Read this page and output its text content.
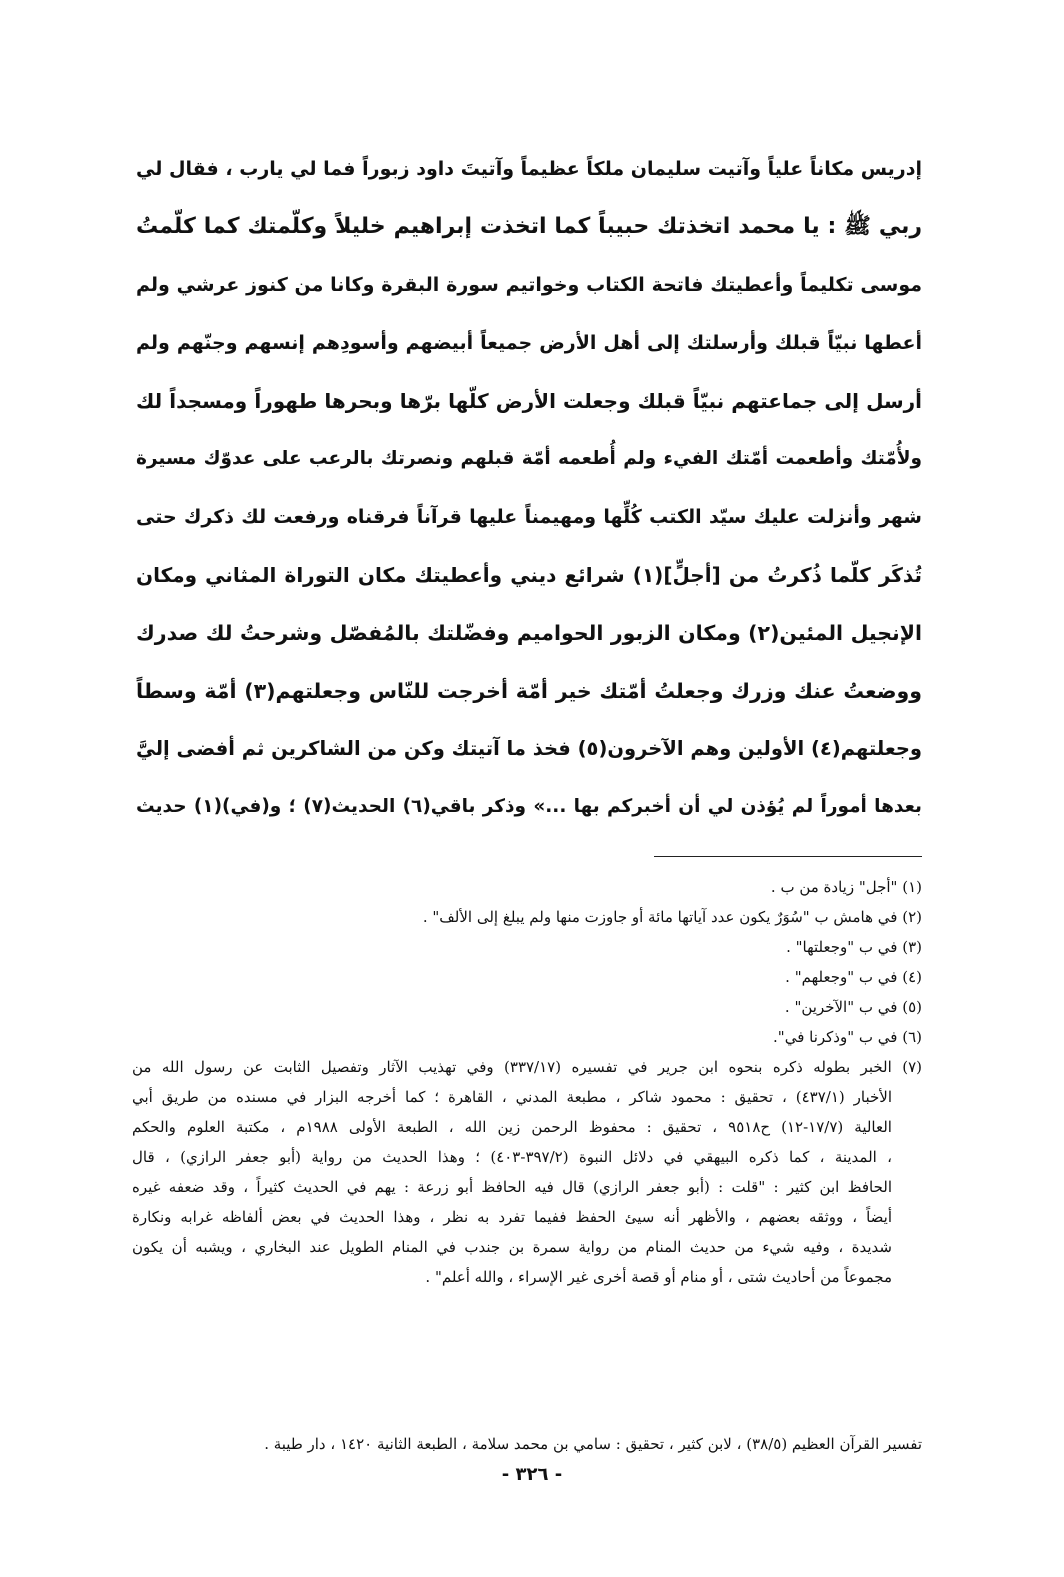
إدريس مكاناً علياً وآتيت سليمان ملكاً عظيماً وآتيتَ داود زبوراً فما لي يارب ، فقال لي
ربي ﷺ : يا محمد اتخذتك حبيباً كما اتخذت إبراهيم خليلاً وكلّمتك كما كلّمتُ
موسى تكليماً وأعطيتك فاتحة الكتاب وخواتيم سورة البقرة وكانا من كنوز عرشي ولم
أعطها نبيّاً قبلك وأرسلتك إلى أهل الأرض جميعاً أبيضهم وأسودِهم إنسهم وجنّهم ولم
أرسل إلى جماعتهم نبيّاً قبلك وجعلت الأرض كلّها برّها وبحرها طهوراً ومسجداً لك
ولأُمّتك وأطعمت أمّتك الفيء ولم أُطعمه أمّة قبلهم ونصرتك بالرعب على عدوّك مسيرة
شهر وأنزلت عليك سيّد الكتب كُلِّها ومهيمناً عليها قرآناً فرقناه ورفعت لك ذكرك حتى
تُذكَر كلّما ذُكرتُ من [أجلٍّ](١) شرائع ديني وأعطيتك مكان التوراة المثاني ومكان
الإنجيل المئين(٢) ومكان الزبور الحواميم وفضّلتك بالمُفصّل وشرحتُ لك صدرك
ووضعتُ عنك وزرك وجعلتُ أمّتك خير أمّة أخرجت للنّاس وجعلتهم(٣) أمّة وسطاً
وجعلتهم(٤) الأولين وهم الآخرون(٥) فخذ ما آتيتك وكن من الشاكرين ثم أفضى إليَّ
بعدها أموراً لم يُؤذن لي أن أخبركم بها ...» وذكر باقي(٦) الحديث(٧) ؛ و(في)(١) حديث
(١) "أجل" زيادة من ب .
(٢) في هامش ب "سُوَرٌ يكون عدد آياتها مائة أو جاوزت منها ولم يبلغ إلى الألف" .
(٣) في ب "وجعلتها" .
(٤) في ب "وجعلهم" .
(٥) في ب "الآخرين" .
(٦) في ب "وذكرنا في".
(٧) الخبر بطوله ذكره بنحوه ابن جرير في تفسيره (٣٣٧/١٧) وفي تهذيب الآثار وتفصيل الثابت عن رسول الله من
الأخبار (٤٣٧/١) ، تحقيق : محمود شاكر ، مطبعة المدني ، القاهرة ؛ كما أخرجه البزار في مسنده من طريق أبي
العالية (١٧/٧-١٢) ح٩٥١٨ ، تحقيق : محفوظ الرحمن زين الله ، الطبعة الأولى ١٩٨٨م ، مكتبة العلوم والحكم
، المدينة ، كما ذكره البيهقي في دلائل النبوة (٣٩٧/٢-٤٠٣) ؛ وهذا الحديث من رواية (أبو جعفر الرازي) ، قال
الحافظ ابن كثير : "قلت : (أبو جعفر الرازي) قال فيه الحافظ أبو زرعة : يهم في الحديث كثيراً ، وقد ضعفه غيره
أيضاً ، ووثقه بعضهم ، والأظهر أنه سيئ الحفظ ففيما تفرد به نظر ، وهذا الحديث في بعض ألفاظه غرابه ونكارة
شديدة ، وفيه شيء من حديث المنام من رواية سمرة بن جندب في المنام الطويل عند البخاري ، ويشبه أن يكون
مجموعاً من أحاديث شتى ، أو منام أو قصة أخرى غير الإسراء ، والله أعلم" .
تفسير القرآن العظيم (٣٨/٥) ، لابن كثير ، تحقيق : سامي بن محمد سلامة ، الطبعة الثانية ١٤٢٠ ، دار طيبة .
- ٣٢٦ -
